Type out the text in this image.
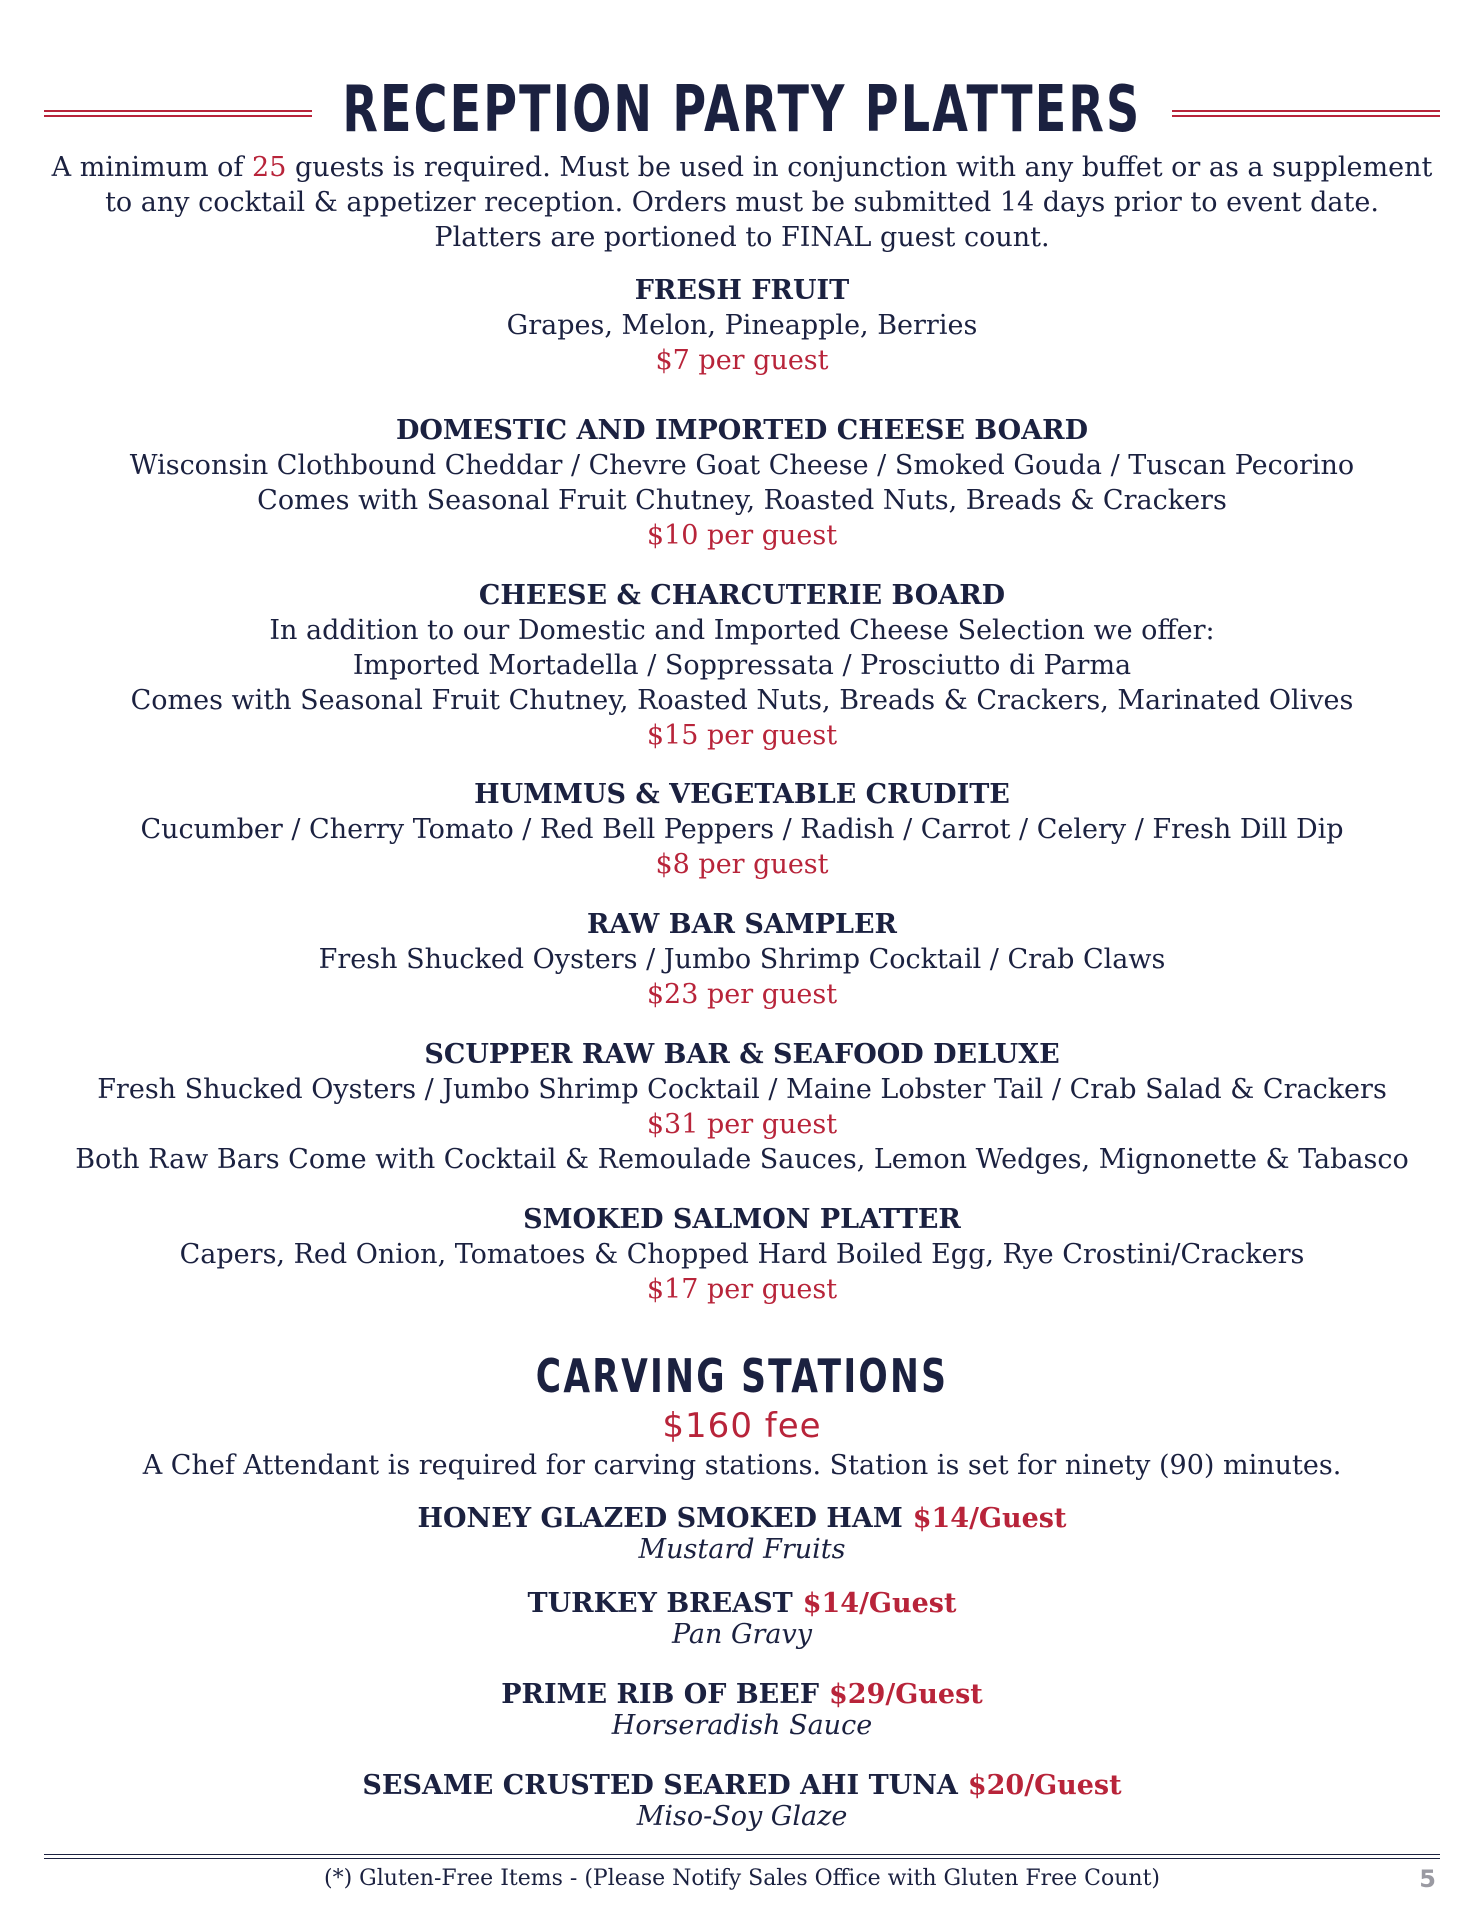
RECEPTION PARTY PLATTERS
A minimum of 25 guests is required. Must be used in conjunction with any buffet or as a supplement
to any cocktail & appetizer reception. Orders must be submitted 14 days prior to event date.
Platters are portioned to FINAL guest count.
FRESH FRUIT
Grapes, Melon, Pineapple, Berries
$7 per guest
DOMESTIC AND IMPORTED CHEESE BOARD
Wisconsin Clothbound Cheddar / Chevre Goat Cheese / Smoked Gouda / Tuscan Pecorino
Comes with Seasonal Fruit Chutney, Roasted Nuts, Breads & Crackers
$10 per guest
CHEESE & CHARCUTERIE BOARD
In addition to our Domestic and Imported Cheese Selection we offer:
Imported Mortadella / Soppressata / Prosciutto di Parma
Comes with Seasonal Fruit Chutney, Roasted Nuts, Breads & Crackers, Marinated Olives
$15 per guest
HUMMUS & VEGETABLE CRUDITE
Cucumber / Cherry Tomato / Red Bell Peppers / Radish / Carrot / Celery / Fresh Dill Dip
$8 per guest
RAW BAR SAMPLER
Fresh Shucked Oysters / Jumbo Shrimp Cocktail / Crab Claws
$23 per guest
SCUPPER RAW BAR & SEAFOOD DELUXE
Fresh Shucked Oysters / Jumbo Shrimp Cocktail / Maine Lobster Tail / Crab Salad & Crackers
$31 per guest
Both Raw Bars Come with Cocktail & Remoulade Sauces, Lemon Wedges, Mignonette & Tabasco
SMOKED SALMON PLATTER
Capers, Red Onion, Tomatoes & Chopped Hard Boiled Egg, Rye Crostini/Crackers
$17 per guest
CARVING STATIONS
$160 fee
A Chef Attendant is required for carving stations. Station is set for ninety (90) minutes.
HONEY GLAZED SMOKED HAM $14/Guest
Mustard Fruits
TURKEY BREAST $14/Guest
Pan Gravy
PRIME RIB OF BEEF $29/Guest
Horseradish Sauce
SESAME CRUSTED SEARED AHI TUNA $20/Guest
Miso-Soy Glaze
(*) Gluten-Free Items - (Please Notify Sales Office with Gluten Free Count)	5
